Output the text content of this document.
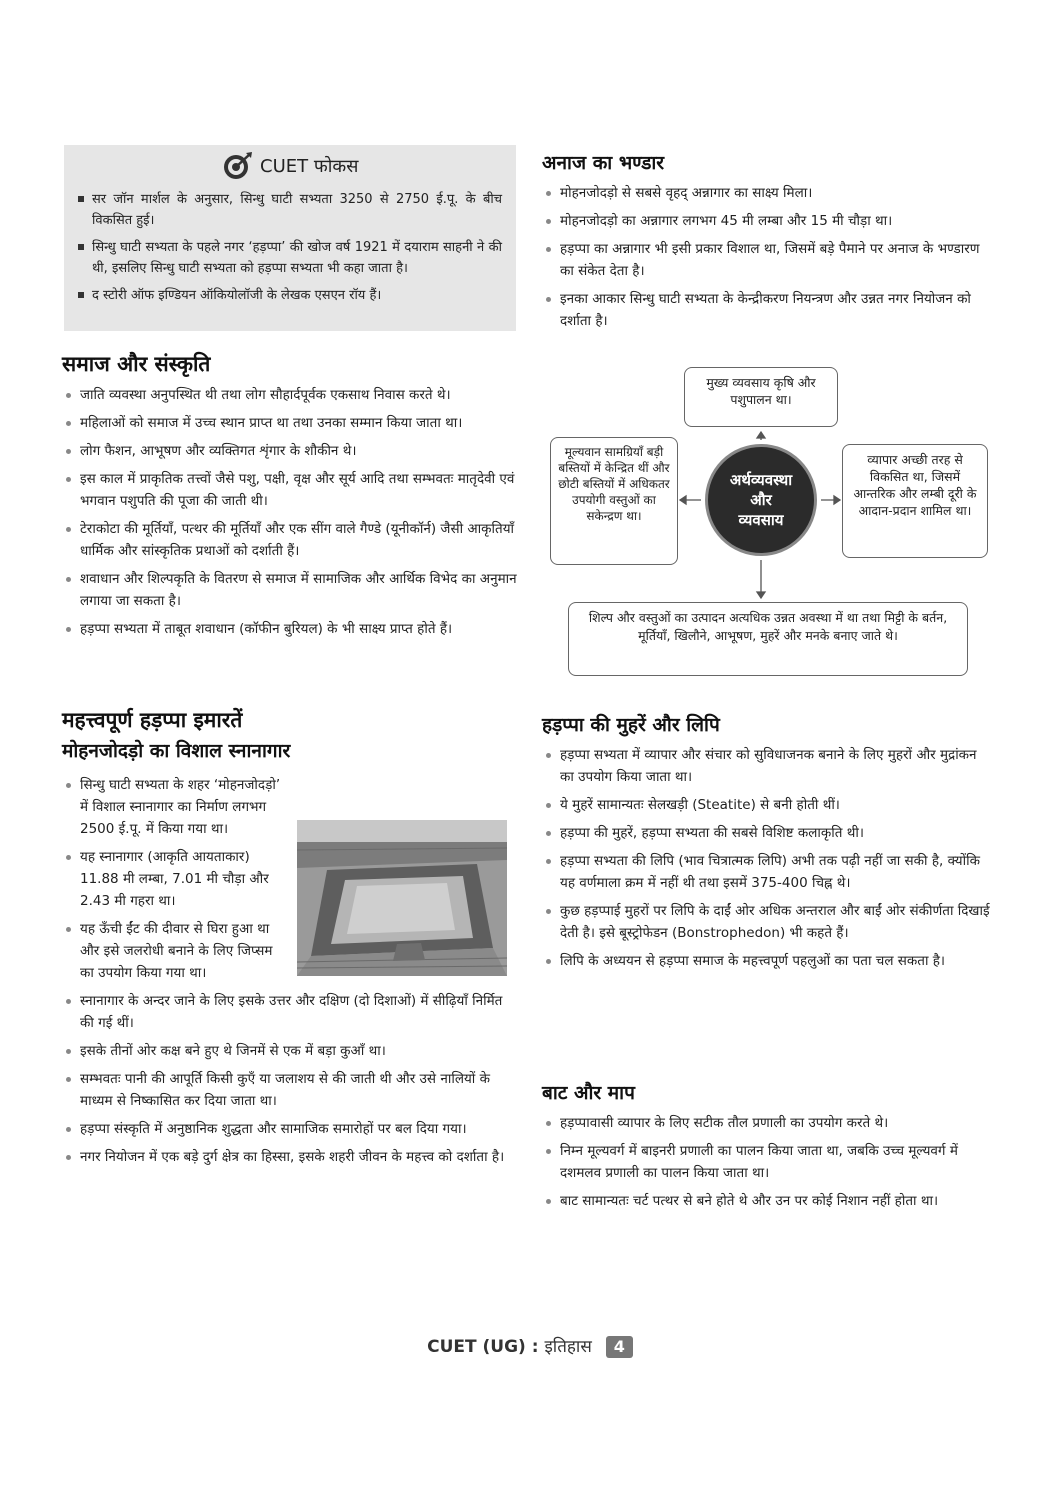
CUET फोकस
सर जॉन मार्शल के अनुसार, सिन्धु घाटी सभ्यता 3250 से 2750 ई.पू. के बीच विकसित हुई।
सिन्धु घाटी सभ्यता के पहले नगर ‘हड़प्पा’ की खोज वर्ष 1921 में दयाराम साहनी ने की थी, इसलिए सिन्धु घाटी सभ्यता को हड़प्पा सभ्यता भी कहा जाता है।
द स्टोरी ऑफ इण्डियन ऑकियोलॉजी के लेखक एसएन रॉय हैं।
समाज और संस्कृति
जाति व्यवस्था अनुपस्थित थी तथा लोग सौहार्दपूर्वक एकसाथ निवास करते थे।
महिलाओं को समाज में उच्च स्थान प्राप्त था तथा उनका सम्मान किया जाता था।
लोग फैशन, आभूषण और व्यक्तिगत शृंगार के शौकीन थे।
इस काल में प्राकृतिक तत्त्वों जैसे पशु, पक्षी, वृक्ष और सूर्य आदि तथा सम्भवतः मातृदेवी एवं भगवान पशुपति की पूजा की जाती थी।
टेराकोटा की मूर्तियाँ, पत्थर की मूर्तियाँ और एक सींग वाले गैण्डे (यूनीकॉर्न) जैसी आकृतियाँ धार्मिक और सांस्कृतिक प्रथाओं को दर्शाती हैं।
शवाधान और शिल्पकृति के वितरण से समाज में सामाजिक और आर्थिक विभेद का अनुमान लगाया जा सकता है।
हड़प्पा सभ्यता में ताबूत शवाधान (कॉफीन बुरियल) के भी साक्ष्य प्राप्त होते हैं।
महत्त्वपूर्ण हड़प्पा इमारतें
मोहनजोदड़ो का विशाल स्नानागार
सिन्धु घाटी सभ्यता के शहर ‘मोहनजोदड़ो’ में विशाल स्नानागार का निर्माण लगभग 2500 ई.पू. में किया गया था।
यह स्नानागार (आकृति आयताकार) 11.88 मी लम्बा, 7.01 मी चौड़ा और 2.43 मी गहरा था।
यह ऊँची ईंट की दीवार से घिरा हुआ था और इसे जलरोधी बनाने के लिए जिप्सम का उपयोग किया गया था।
स्नानागार के अन्दर जाने के लिए इसके उत्तर और दक्षिण (दो दिशाओं) में सीढ़ियाँ निर्मित की गई थीं।
इसके तीनों ओर कक्ष बने हुए थे जिनमें से एक में बड़ा कुआँ था।
सम्भवतः पानी की आपूर्ति किसी कुएँ या जलाशय से की जाती थी और उसे नालियों के माध्यम से निष्कासित कर दिया जाता था।
हड़प्पा संस्कृति में अनुष्ठानिक शुद्धता और सामाजिक समारोहों पर बल दिया गया।
नगर नियोजन में एक बड़े दुर्ग क्षेत्र का हिस्सा, इसके शहरी जीवन के महत्त्व को दर्शाता है।
अनाज का भण्डार
मोहनजोदड़ो से सबसे वृहद् अन्नागार का साक्ष्य मिला।
मोहनजोदड़ो का अन्नागार लगभग 45 मी लम्बा और 15 मी चौड़ा था।
हड़प्पा का अन्नागार भी इसी प्रकार विशाल था, जिसमें बड़े पैमाने पर अनाज के भण्डारण का संकेत देता है।
इनका आकार सिन्धु घाटी सभ्यता के केन्द्रीकरण नियन्त्रण और उन्नत नगर नियोजन को दर्शाता है।
मुख्य व्यवसाय कृषि और पशुपालन था।
मूल्यवान सामग्रियाँ बड़ी बस्तियों में केन्द्रित थीं और छोटी बस्तियों में अधिकतर उपयोगी वस्तुओं का सकेन्द्रण था।
व्यापार अच्छी तरह से विकसित था, जिसमें आन्तरिक और लम्बी दूरी के आदान-प्रदान शामिल था।
अर्थव्यवस्था
और
व्यवसाय
शिल्प और वस्तुओं का उत्पादन अत्यधिक उन्नत अवस्था में था तथा मिट्टी के बर्तन, मूर्तियाँ, खिलौने, आभूषण, मुहरें और मनके बनाए जाते थे।
हड़प्पा की मुहरें और लिपि
हड़प्पा सभ्यता में व्यापार और संचार को सुविधाजनक बनाने के लिए मुहरों और मुद्रांकन का उपयोग किया जाता था।
ये मुहरें सामान्यतः सेलखड़ी (Steatite) से बनी होती थीं।
हड़प्पा की मुहरें, हड़प्पा सभ्यता की सबसे विशिष्ट कलाकृति थी।
हड़प्पा सभ्यता की लिपि (भाव चित्रात्मक लिपि) अभी तक पढ़ी नहीं जा सकी है, क्योंकि यह वर्णमाला क्रम में नहीं थी तथा इसमें 375-400 चिह्न थे।
कुछ हड़प्पाई मुहरों पर लिपि के दाईं ओर अधिक अन्तराल और बाईं ओर संकीर्णता दिखाई देती है। इसे बूस्ट्रोफेडन (Bonstrophedon) भी कहते हैं।
लिपि के अध्ययन से हड़प्पा समाज के महत्त्वपूर्ण पहलुओं का पता चल सकता है।
बाट और माप
हड़प्पावासी व्यापार के लिए सटीक तौल प्रणाली का उपयोग करते थे।
निम्न मूल्यवर्ग में बाइनरी प्रणाली का पालन किया जाता था, जबकि उच्च मूल्यवर्ग में दशमलव प्रणाली का पालन किया जाता था।
बाट सामान्यतः चर्ट पत्थर से बने होते थे और उन पर कोई निशान नहीं होता था।
CUET (UG) : इतिहास 4
